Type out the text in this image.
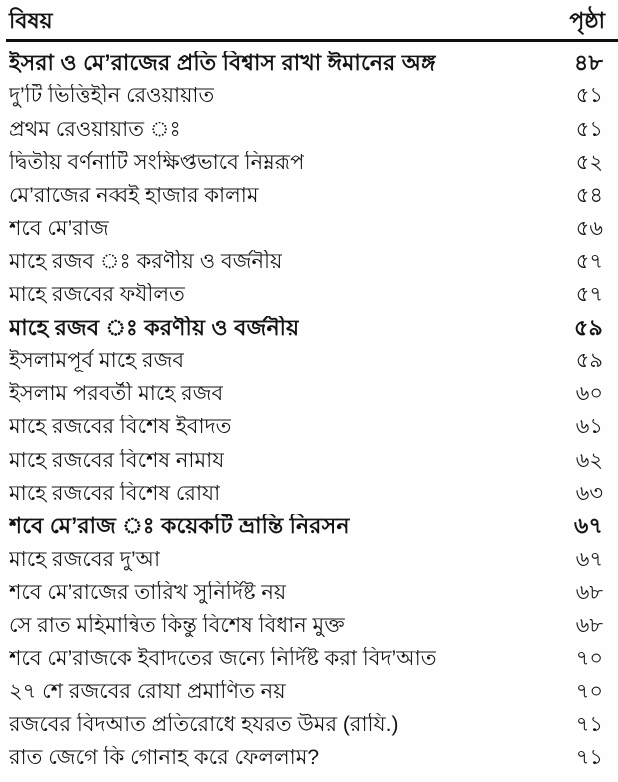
বিষয়	পৃষ্ঠা
ইসরা ও মে’রাজের প্রতি বিশ্বাস রাখা ঈমানের অঙ্গ	৪৮
দু’টি ভিত্তিহীন রেওয়ায়াত	৫১
প্রথম রেওয়ায়াত ঃ	৫১
দ্বিতীয় বর্ণনাটি সংক্ষিপ্তভাবে নিম্নরূপ	৫২
মে’রাজের নব্বই হাজার কালাম	৫৪
শবে মে’রাজ	৫৬
মাহে রজব ঃ করণীয় ও বর্জনীয়	৫৭
মাহে রজবের ফযীলত	৫৭
মাহে রজব ঃ করণীয় ও বর্জনীয়	৫৯
ইসলামপূর্ব মাহে রজব	৫৯
ইসলাম পরবর্তী মাহে রজব	৬০
মাহে রজবের বিশেষ ইবাদত	৬১
মাহে রজবের বিশেষ নামায	৬২
মাহে রজবের বিশেষ রোযা	৬৩
শবে মে’রাজ ঃ কয়েকটি ভ্রান্তি নিরসন	৬৭
মাহে রজবের দু’আ	৬৭
শবে মে’রাজের তারিখ সুনির্দিষ্ট নয়	৬৮
সে রাত মহিমান্বিত কিন্তু বিশেষ বিধান মুক্ত	৬৮
শবে মে’রাজকে ইবাদতের জন্যে নির্দিষ্ট করা বিদ’আত	৭০
২৭ শে রজবের রোযা প্রমাণিত নয়	৭০
রজবের বিদআত প্রতিরোধে হযরত উমর (রাযি.)	৭১
রাত জেগে কি গোনাহ করে ফেললাম?	৭১
